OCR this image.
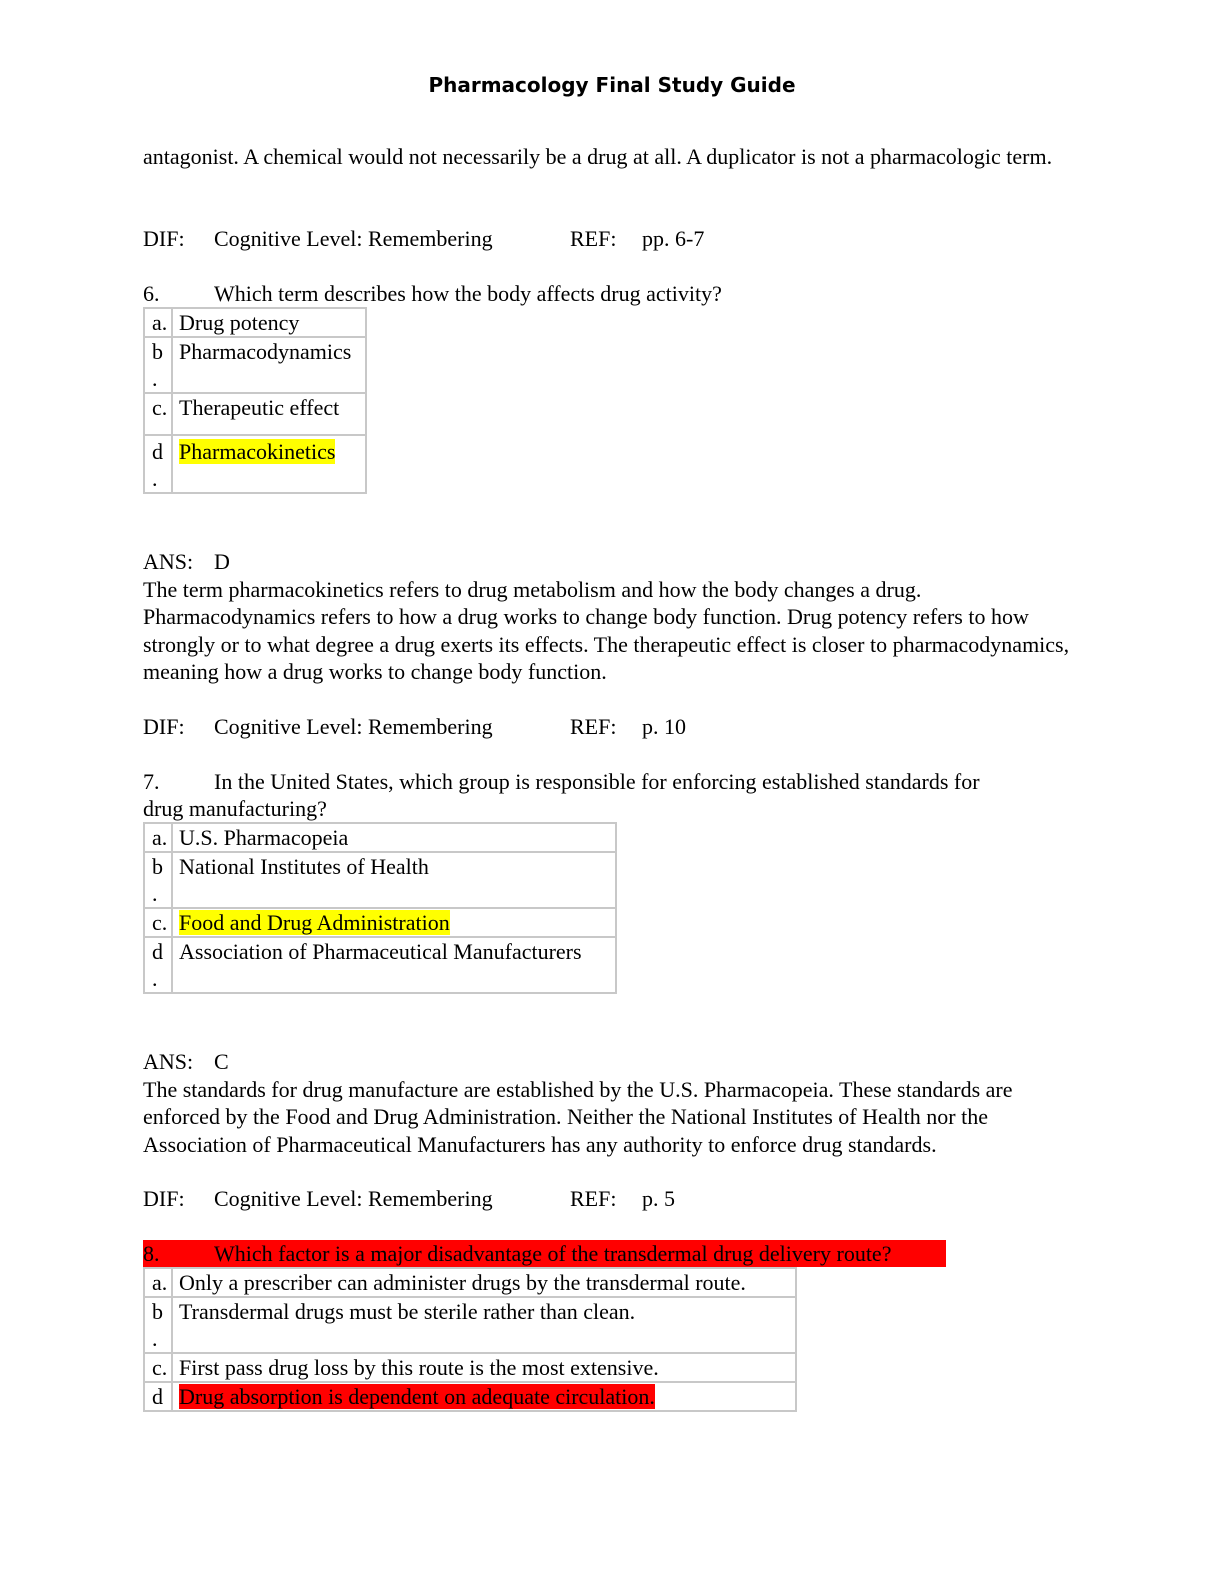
Pharmacology Final Study Guide
antagonist. A chemical would not necessarily be a drug at all. A duplicator is not a pharmacologic term.
DIF: Cognitive Level: Remembering	REF: pp. 6-7
6. Which term describes how the body affects drug activity?
a.	Drug potency
b
.	Pharmacodynamics
c.	Therapeutic effect
d
.	Pharmacokinetics
ANS: D
The term pharmacokinetics refers to drug metabolism and how the body changes a drug. Pharmacodynamics refers to how a drug works to change body function. Drug potency refers to how strongly or to what degree a drug exerts its effects. The therapeutic effect is closer to pharmacodynamics, meaning how a drug works to change body function.
DIF: Cognitive Level: Remembering	REF: p. 10
7. In the United States, which group is responsible for enforcing established standards for
drug manufacturing?
a.	U.S. Pharmacopeia
b
.	National Institutes of Health
c.	Food and Drug Administration
d
.	Association of Pharmaceutical Manufacturers
ANS: C
The standards for drug manufacture are established by the U.S. Pharmacopeia. These standards are enforced by the Food and Drug Administration. Neither the National Institutes of Health nor the Association of Pharmaceutical Manufacturers has any authority to enforce drug standards.
DIF: Cognitive Level: Remembering	REF: p. 5
8. Which factor is a major disadvantage of the transdermal drug delivery route?
a.	Only a prescriber can administer drugs by the transdermal route.
b
.	Transdermal drugs must be sterile rather than clean.
c.	First pass drug loss by this route is the most extensive.
d	Drug absorption is dependent on adequate circulation.
